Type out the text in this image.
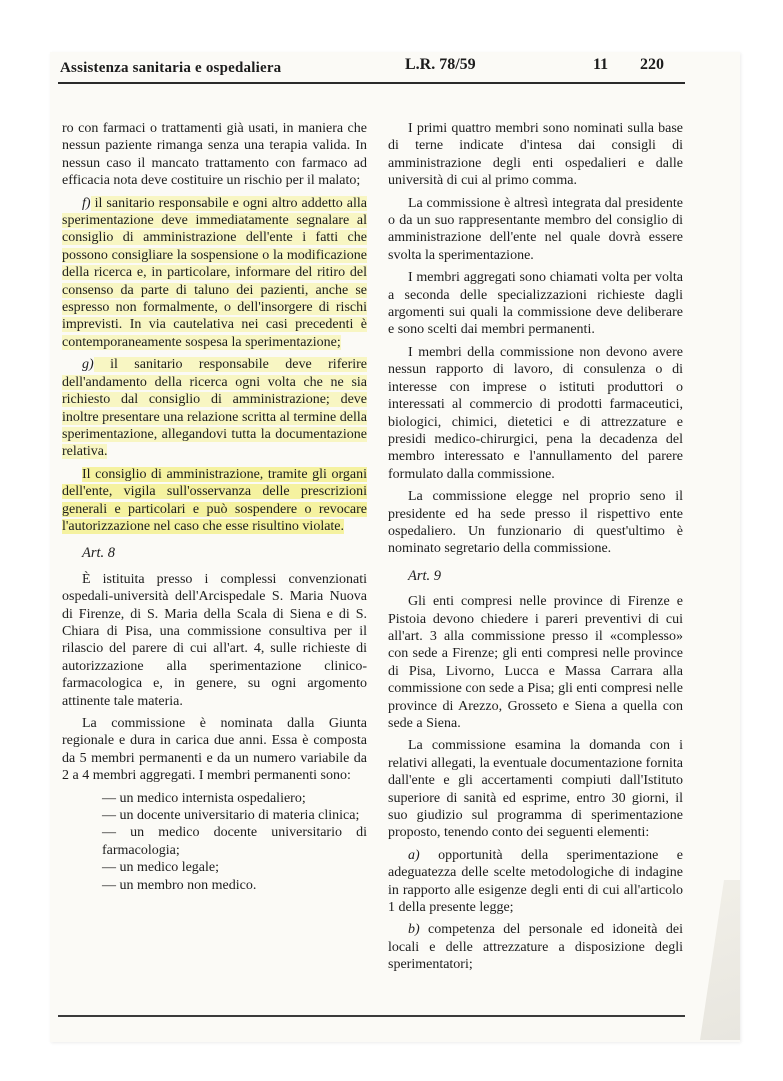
Assistenza sanitaria e ospedaliera	L.R. 78/59	11 220

ro con farmaci o trattamenti già usati, in maniera che nessun paziente rimanga senza una terapia valida. In nessun caso il mancato trattamento con farmaco ad efficacia nota deve costituire un rischio per il malato;

f) il sanitario responsabile e ogni altro addetto alla sperimentazione deve immediatamente segnalare al consiglio di amministrazione dell'ente i fatti che possono consigliare la sospensione o la modificazione della ricerca e, in particolare, informare del ritiro del consenso da parte di taluno dei pazienti, anche se espresso non formalmente, o dell'insorgere di rischi imprevisti. In via cautelativa nei casi precedenti è contemporaneamente sospesa la sperimentazione;

g) il sanitario responsabile deve riferire dell'andamento della ricerca ogni volta che ne sia richiesto dal consiglio di amministrazione; deve inoltre presentare una relazione scritta al termine della sperimentazione, allegandovi tutta la documentazione relativa.

Il consiglio di amministrazione, tramite gli organi dell'ente, vigila sull'osservanza delle prescrizioni generali e particolari e può sospendere o revocare l'autorizzazione nel caso che esse risultino violate.

Art. 8

È istituita presso i complessi convenzionati ospedali-università dell'Arcispedale S. Maria Nuova di Firenze, di S. Maria della Scala di Siena e di S. Chiara di Pisa, una commissione consultiva per il rilascio del parere di cui all'art. 4, sulle richieste di autorizzazione alla sperimentazione clinico-farmacologica e, in genere, su ogni argomento attinente tale materia.

La commissione è nominata dalla Giunta regionale e dura in carica due anni. Essa è composta da 5 membri permanenti e da un numero variabile da 2 a 4 membri aggregati. I membri permanenti sono:

— un medico internista ospedaliero;

— un docente universitario di materia clinica;

— un medico docente universitario di farmacologia;

— un medico legale;

— un membro non medico.

I primi quattro membri sono nominati sulla base di terne indicate d'intesa dai consigli di amministrazione degli enti ospedalieri e dalle università di cui al primo comma.

La commissione è altresì integrata dal presidente o da un suo rappresentante membro del consiglio di amministrazione dell'ente nel quale dovrà essere svolta la sperimentazione.

I membri aggregati sono chiamati volta per volta a seconda delle specializzazioni richieste dagli argomenti sui quali la commissione deve deliberare e sono scelti dai membri permanenti.

I membri della commissione non devono avere nessun rapporto di lavoro, di consulenza o di interesse con imprese o istituti produttori o interessati al commercio di prodotti farmaceutici, biologici, chimici, dietetici e di attrezzature e presidi medico-chirurgici, pena la decadenza del membro interessato e l'annullamento del parere formulato dalla commissione.

La commissione elegge nel proprio seno il presidente ed ha sede presso il rispettivo ente ospedaliero. Un funzionario di quest'ultimo è nominato segretario della commissione.

Art. 9

Gli enti compresi nelle province di Firenze e Pistoia devono chiedere i pareri preventivi di cui all'art. 3 alla commissione presso il «complesso» con sede a Firenze; gli enti compresi nelle province di Pisa, Livorno, Lucca e Massa Carrara alla commissione con sede a Pisa; gli enti compresi nelle province di Arezzo, Grosseto e Siena a quella con sede a Siena.

La commissione esamina la domanda con i relativi allegati, la eventuale documentazione fornita dall'ente e gli accertamenti compiuti dall'Istituto superiore di sanità ed esprime, entro 30 giorni, il suo giudizio sul programma di sperimentazione proposto, tenendo conto dei seguenti elementi:

a) opportunità della sperimentazione e adeguatezza delle scelte metodologiche di indagine in rapporto alle esigenze degli enti di cui all'articolo 1 della presente legge;

b) competenza del personale ed idoneità dei locali e delle attrezzature a disposizione degli sperimentatori;
